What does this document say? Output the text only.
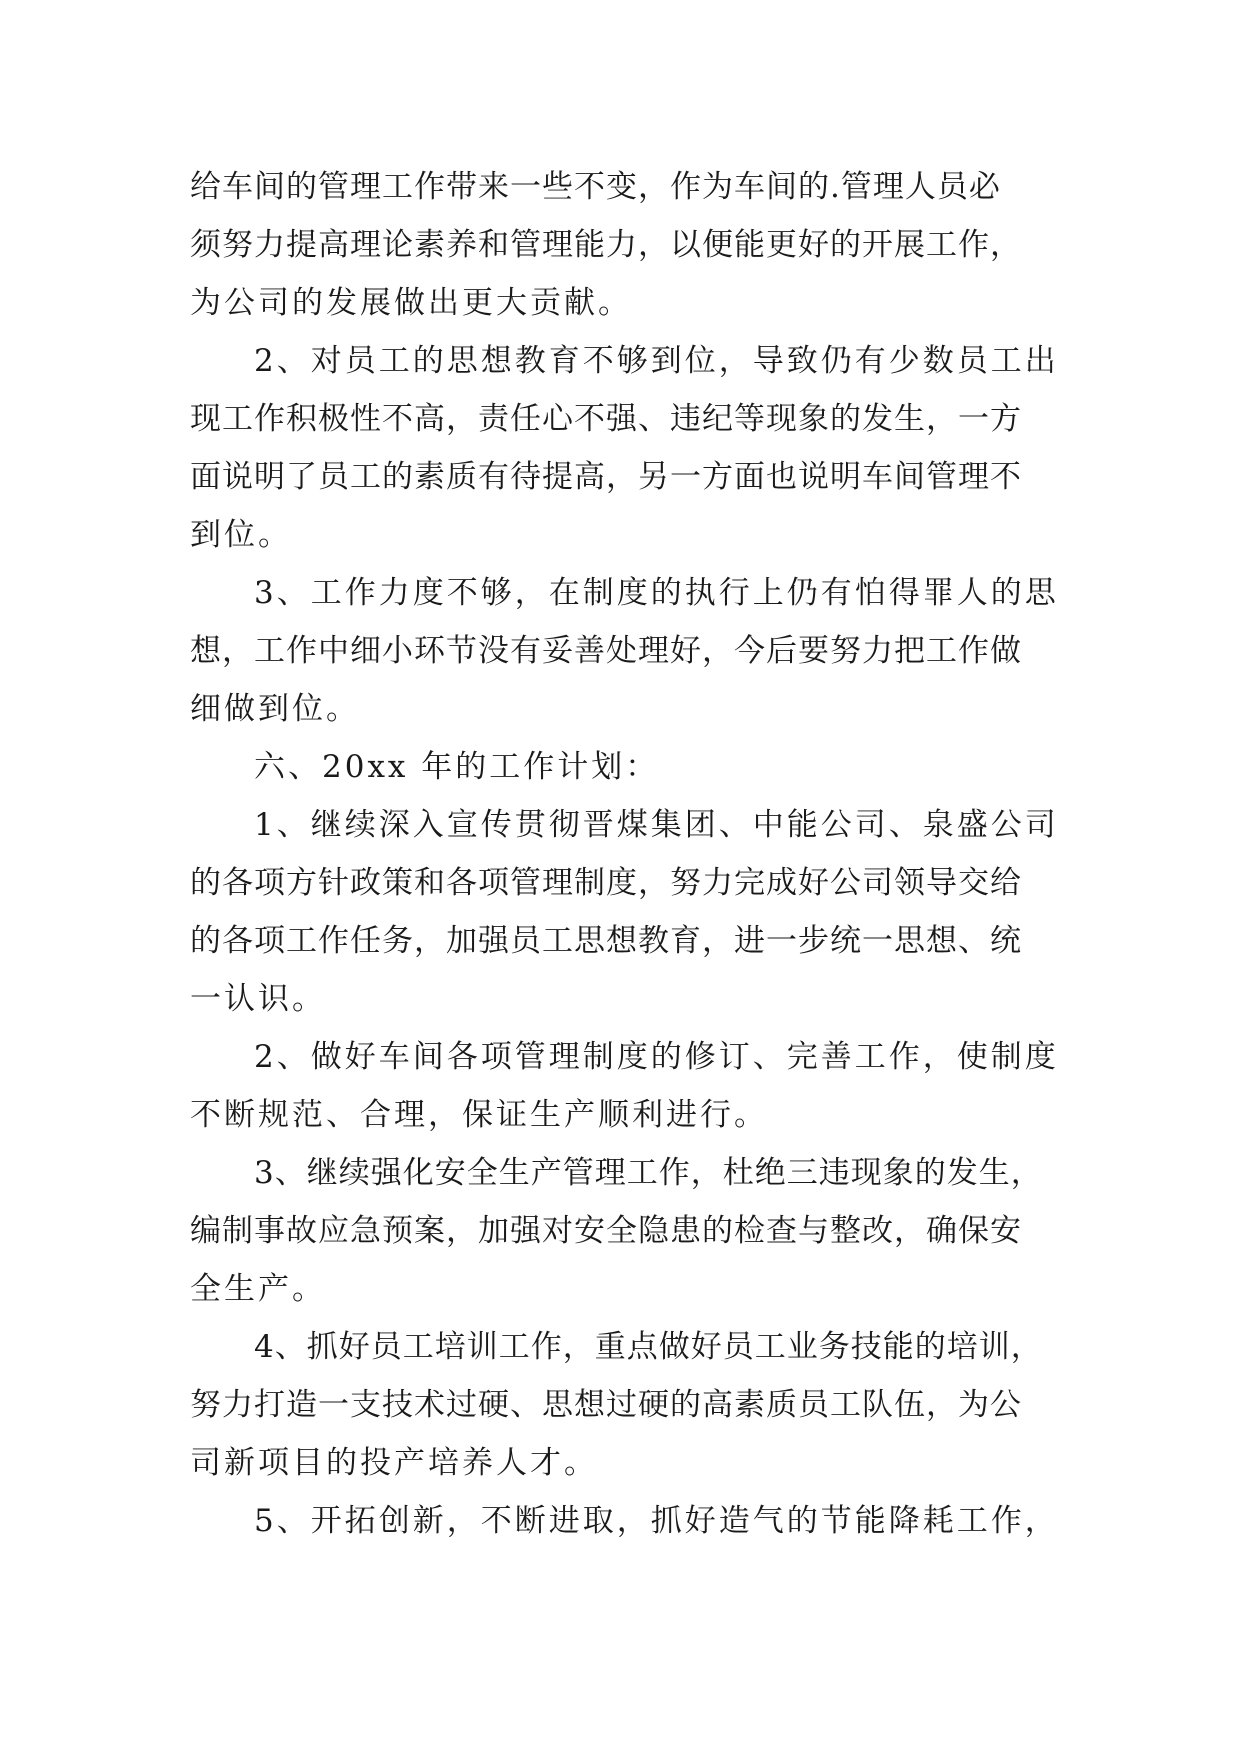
给车间的管理工作带来一些不变，作为车间的.管理人员必
须努力提高理论素养和管理能力，以便能更好的开展工作，
为公司的发展做出更大贡献。
2、对员工的思想教育不够到位，导致仍有少数员工出
现工作积极性不高，责任心不强、违纪等现象的发生，一方
面说明了员工的素质有待提高，另一方面也说明车间管理不
到位。
3、工作力度不够，在制度的执行上仍有怕得罪人的思
想，工作中细小环节没有妥善处理好，今后要努力把工作做
细做到位。
六、20xx 年的工作计划：
1、继续深入宣传贯彻晋煤集团、中能公司、泉盛公司
的各项方针政策和各项管理制度，努力完成好公司领导交给
的各项工作任务，加强员工思想教育，进一步统一思想、统
一认识。
2、做好车间各项管理制度的修订、完善工作，使制度
不断规范、合理，保证生产顺利进行。
3、继续强化安全生产管理工作，杜绝三违现象的发生，
编制事故应急预案，加强对安全隐患的检查与整改，确保安
全生产。
4、抓好员工培训工作，重点做好员工业务技能的培训，
努力打造一支技术过硬、思想过硬的高素质员工队伍，为公
司新项目的投产培养人才。
5、开拓创新，不断进取，抓好造气的节能降耗工作，
